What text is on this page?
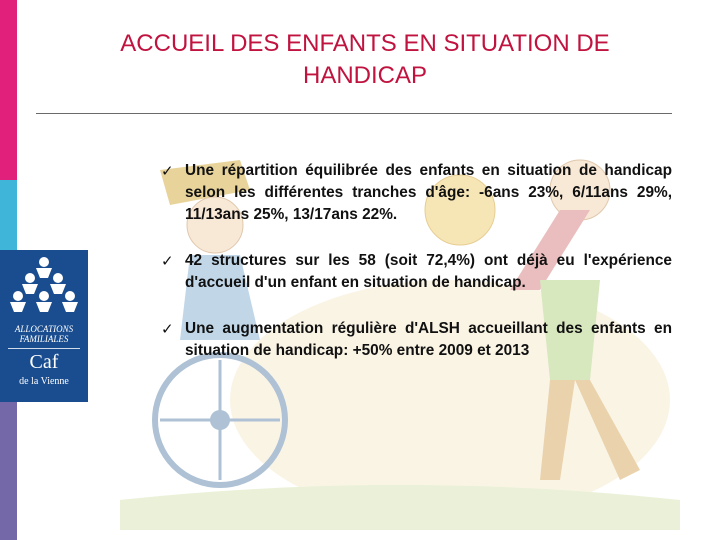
ACCUEIL DES ENFANTS EN SITUATION DE
HANDICAP
ALLOCATIONS
FAMILIALES
Caf
de la Vienne
✓ Une répartition équilibrée des enfants en situation de handicap selon les différentes tranches d'âge: -6ans 23%, 6/11ans 29%, 11/13ans 25%, 13/17ans 22%.
✓ 42 structures sur les 58 (soit 72,4%) ont déjà eu l'expérience d'accueil d'un enfant en situation de handicap.
✓ Une augmentation régulière d'ALSH accueillant des enfants en situation de handicap: +50% entre 2009 et 2013
